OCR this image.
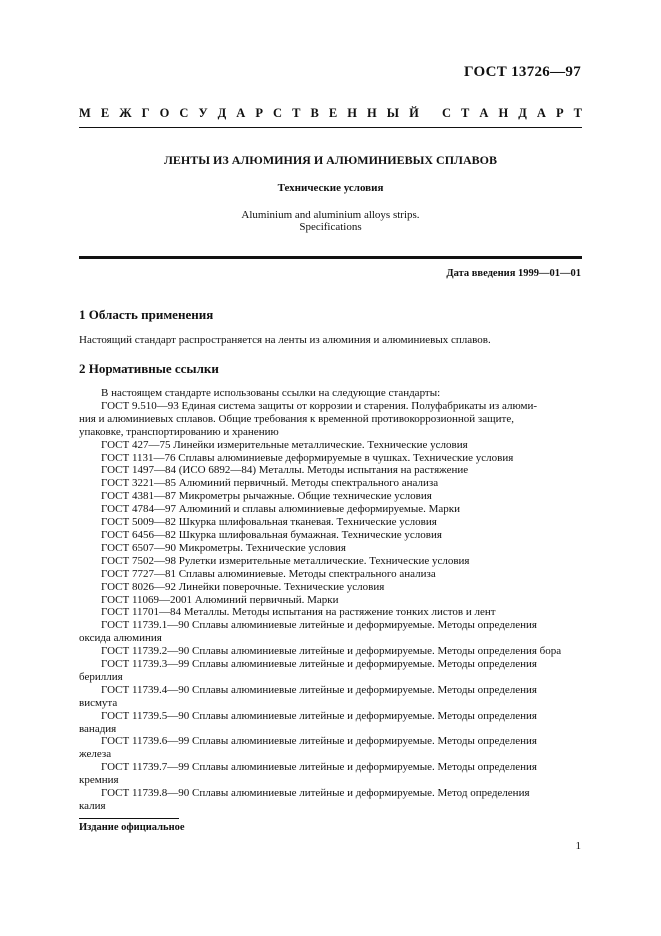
ГОСТ 13726—97
М Е Ж Г О С У Д А Р С Т В Е Н Н Ы Й
С Т А Н Д А Р Т
ЛЕНТЫ ИЗ АЛЮМИНИЯ И АЛЮМИНИЕВЫХ СПЛАВОВ
Технические условия
Aluminium and aluminium alloys strips.
Specifications
Дата введения 1999—01—01
1 Область применения
Настоящий стандарт распространяется на ленты из алюминия и алюминиевых сплавов.
2 Нормативные ссылки
В настоящем стандарте использованы ссылки на следующие стандарты:
ГОСТ 9.510—93 Единая система защиты от коррозии и старения. Полуфабрикаты из алюми-
ния и алюминиевых сплавов. Общие требования к временной противокоррозионной защите,
упаковке, транспортированию и хранению
ГОСТ 427—75 Линейки измерительные металлические. Технические условия
ГОСТ 1131—76 Сплавы алюминиевые деформируемые в чушках. Технические условия
ГОСТ 1497—84 (ИСО 6892—84) Металлы. Методы испытания на растяжение
ГОСТ 3221—85 Алюминий первичный. Методы спектрального анализа
ГОСТ 4381—87 Микрометры рычажные. Общие технические условия
ГОСТ 4784—97 Алюминий и сплавы алюминиевые деформируемые. Марки
ГОСТ 5009—82 Шкурка шлифовальная тканевая. Технические условия
ГОСТ 6456—82 Шкурка шлифовальная бумажная. Технические условия
ГОСТ 6507—90 Микрометры. Технические условия
ГОСТ 7502—98 Рулетки измерительные металлические. Технические условия
ГОСТ 7727—81 Сплавы алюминиевые. Методы спектрального анализа
ГОСТ 8026—92 Линейки поверочные. Технические условия
ГОСТ 11069—2001 Алюминий первичный. Марки
ГОСТ 11701—84 Металлы. Методы испытания на растяжение тонких листов и лент
ГОСТ 11739.1—90 Сплавы алюминиевые литейные и деформируемые. Методы определения
оксида алюминия
ГОСТ 11739.2—90 Сплавы алюминиевые литейные и деформируемые. Методы определения бора
ГОСТ 11739.3—99 Сплавы алюминиевые литейные и деформируемые. Методы определения
бериллия
ГОСТ 11739.4—90 Сплавы алюминиевые литейные и деформируемые. Методы определения
висмута
ГОСТ 11739.5—90 Сплавы алюминиевые литейные и деформируемые. Методы определения
ванадия
ГОСТ 11739.6—99 Сплавы алюминиевые литейные и деформируемые. Методы определения
железа
ГОСТ 11739.7—99 Сплавы алюминиевые литейные и деформируемые. Методы определения
кремния
ГОСТ 11739.8—90 Сплавы алюминиевые литейные и деформируемые. Метод определения
калия
Издание официальное
1
